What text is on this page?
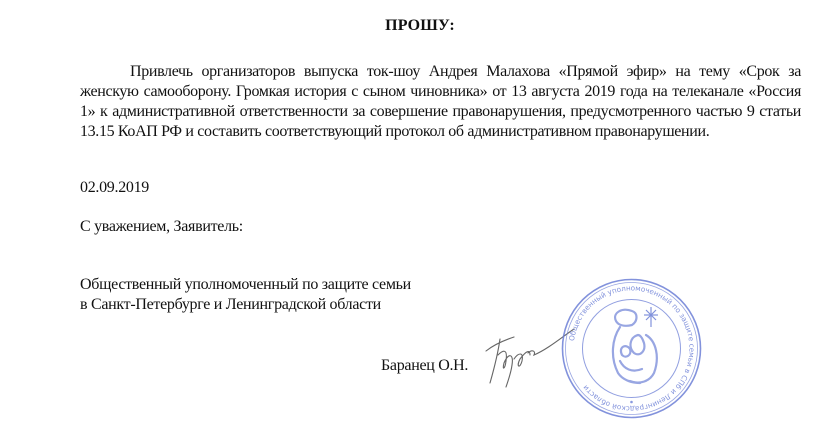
ПРОШУ:
Привлечь организаторов выпуска ток-шоу Андрея Малахова «Прямой эфир» на тему «Срок за женскую самооборону. Громкая история с сыном чиновника» от 13 августа 2019 года на телеканале «Россия 1» к административной ответственности за совершение правонарушения, предусмотренного частью 9 статьи 13.15 КоАП РФ и составить соответствующий протокол об административном правонарушении.
02.09.2019
С уважением, Заявитель:
Общественный уполномоченный по защите семьи
в Санкт-Петербурге и Ленинградской области
Баранец О.Н.
Общественный уполномоченный по защите семьи в СПб и Ленинградской области
